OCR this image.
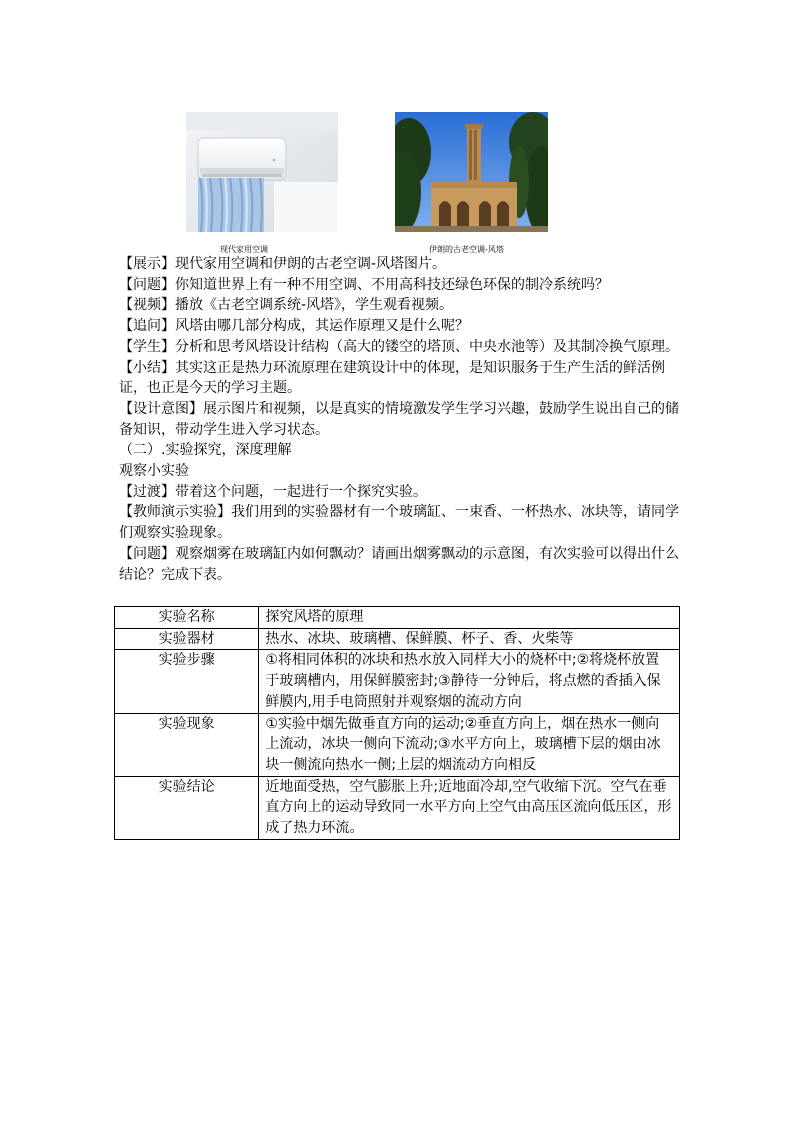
现代家用空调	伊朗的古老空调-风塔

【展示】现代家用空调和伊朗的古老空调-风塔图片。

【问题】你知道世界上有一种不用空调、不用高科技还绿色环保的制冷系统吗？

【视频】播放《古老空调系统-风塔》，学生观看视频。

【追问】风塔由哪几部分构成，其运作原理又是什么呢？

【学生】分析和思考风塔设计结构（高大的镂空的塔顶、中央水池等）及其制冷换气原理。

【小结】其实这正是热力环流原理在建筑设计中的体现，是知识服务于生产生活的鲜活例证，也正是今天的学习主题。

【设计意图】展示图片和视频，以是真实的情境激发学生学习兴趣，鼓励学生说出自己的储备知识，带动学生进入学习状态。

（二）.实验探究，深度理解

观察小实验

【过渡】带着这个问题，一起进行一个探究实验。

【教师演示实验】我们用到的实验器材有一个玻璃缸、一束香、一杯热水、冰块等，请同学们观察实验现象。

【问题】观察烟雾在玻璃缸内如何飘动？请画出烟雾飘动的示意图，有次实验可以得出什么结论？完成下表。

实验名称	探究风塔的原理
实验器材	热水、冰块、玻璃槽、保鲜膜、杯子、香、火柴等
实验步骤	①将相同体积的冰块和热水放入同样大小的烧杯中;②将烧杯放置于玻璃槽内，用保鲜膜密封;③静待一分钟后，将点燃的香插入保鲜膜内,用手电筒照射并观察烟的流动方向
实验现象	①实验中烟先做垂直方向的运动;②垂直方向上，烟在热水一侧向上流动，冰块一侧向下流动;③水平方向上，玻璃槽下层的烟由冰块一侧流向热水一侧;上层的烟流动方向相反
实验结论	近地面受热，空气膨胀上升;近地面冷却,空气收缩下沉。空气在垂直方向上的运动导致同一水平方向上空气由高压区流向低压区，形成了热力环流。
